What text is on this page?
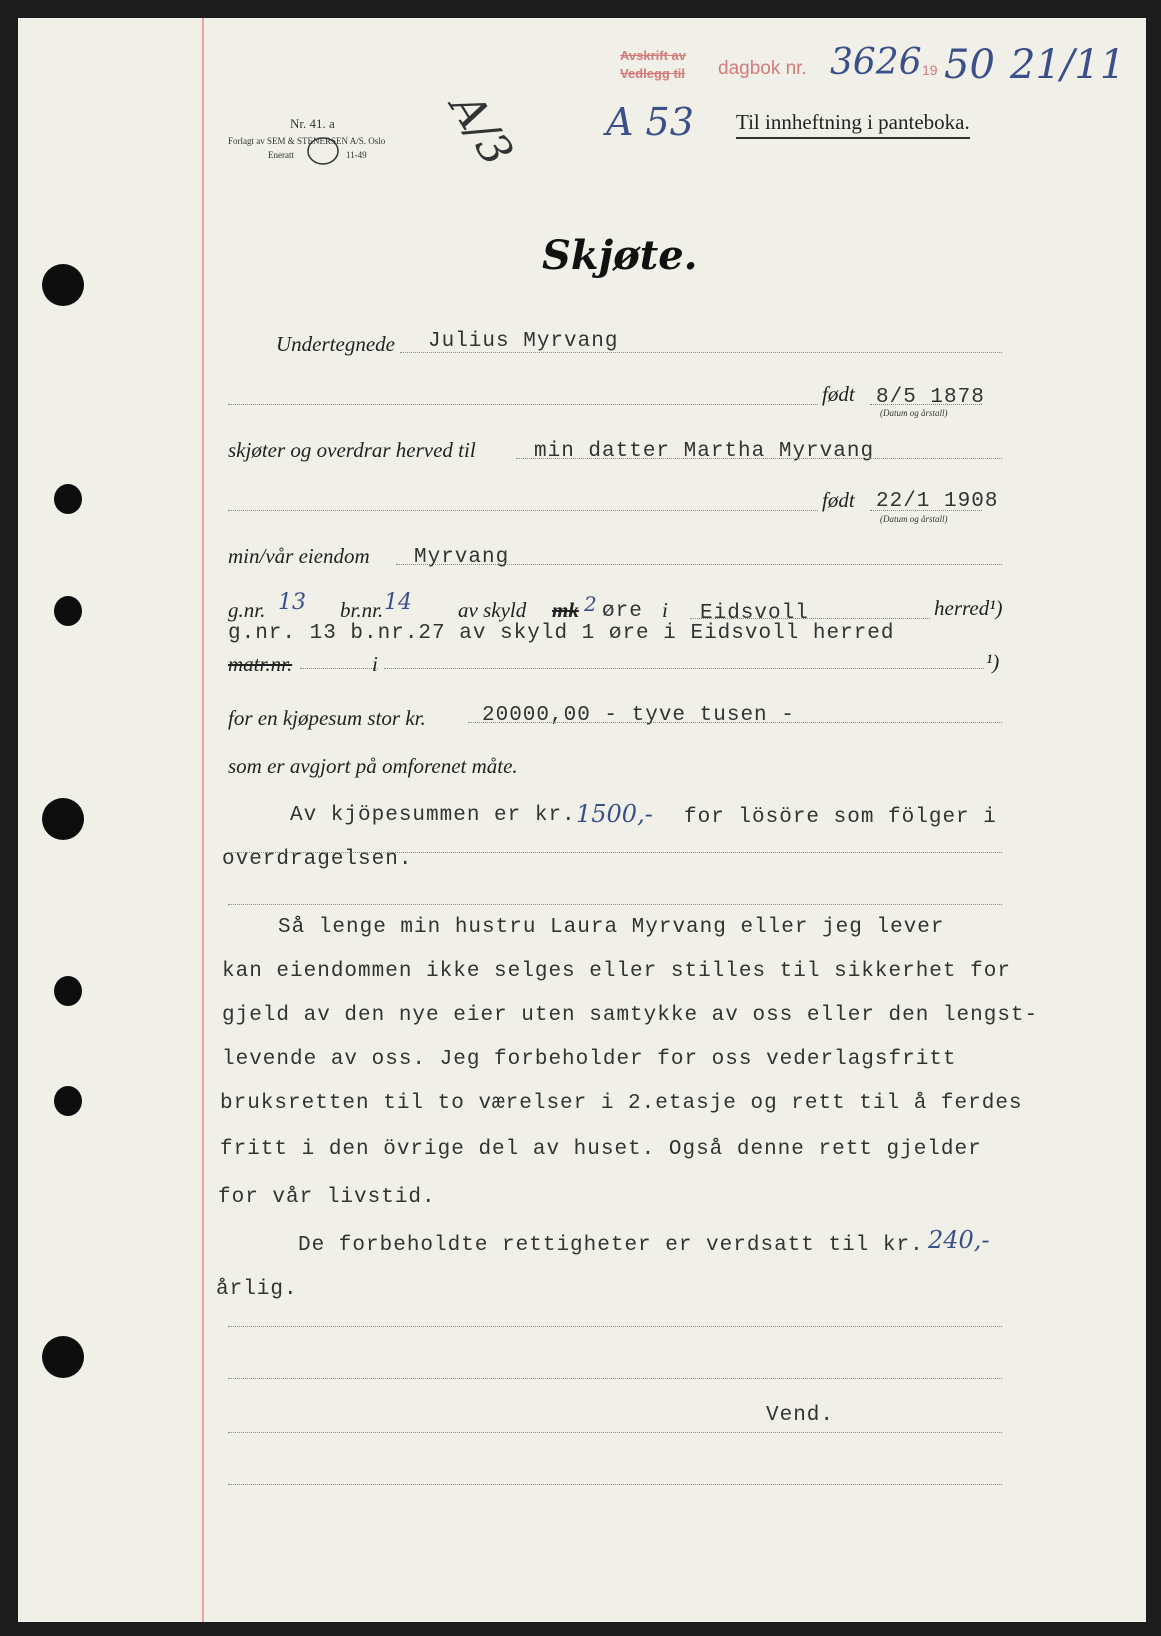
Nr. 41. a
Forlagt av SEM & STENERSEN A/S. Oslo
Eneratt	11-49 A/3
Avskrift av
Vedlegg til dagbok nr. 3626 19 50 21/11
A 53 Til innheftning i panteboka.
Skjøte.
Undertegnede Julius Myrvang
født 8/5 1878
(Datum og årstall)
skjøter og overdrar herved til	min datter Martha Myrvang
født 22/1 1908
(Datum og årstall)
min/vår eiendom Myrvang
g.nr. 13 br.nr. 14 av skyld mk 2 øre i Eidsvoll	herred¹)
g.nr. 13 b.nr.27 av skyld 1 øre i Eidsvoll herred
matr.nr.	i	¹)
for en kjøpesum stor kr.	20000,00 - tyve tusen -
som er avgjort på omforenet måte.
Av kjöpesummen er kr. 1500,- for lösöre som fölger i
overdragelsen.
Så lenge min hustru Laura Myrvang eller jeg lever
kan eiendommen ikke selges eller stilles til sikkerhet for
gjeld av den nye eier uten samtykke av oss eller den lengst-
levende av oss. Jeg forbeholder for oss vederlagsfritt
bruksretten til to værelser i 2.etasje og rett til å ferdes
fritt i den övrige del av huset. Også denne rett gjelder
for vår livstid.
De forbeholdte rettigheter er verdsatt til kr. 240,-
årlig.
Vend.
